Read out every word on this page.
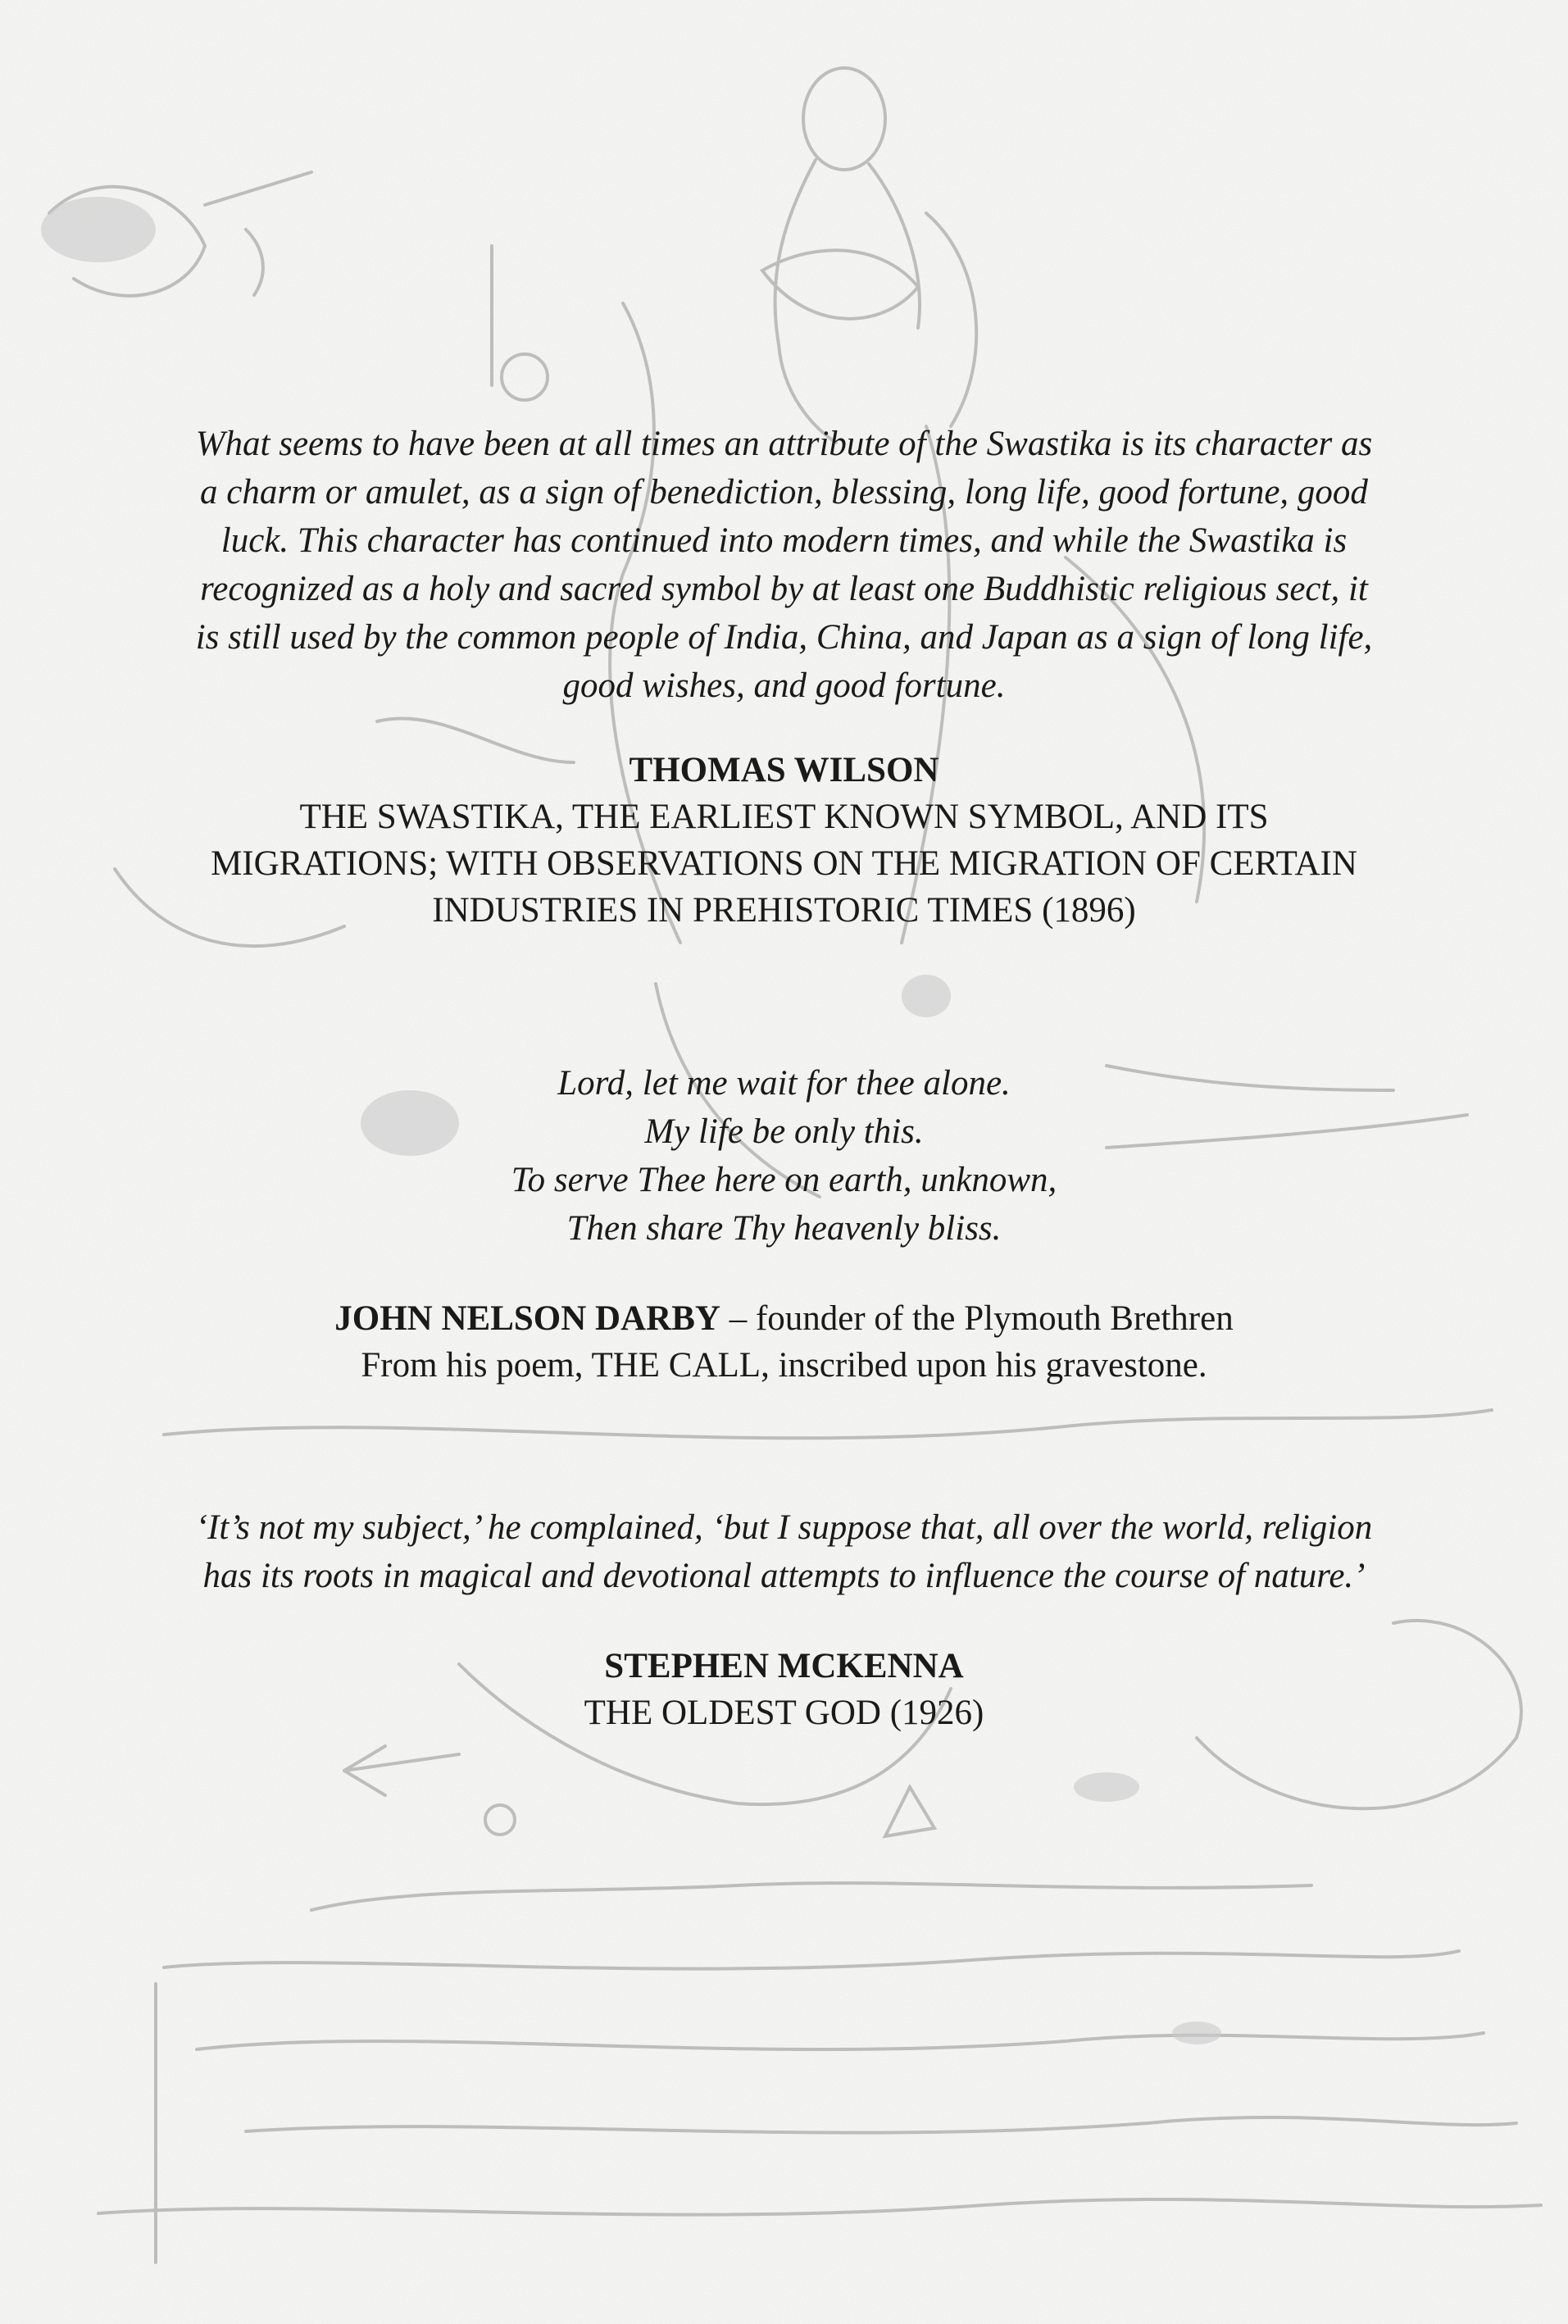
What seems to have been at all times an attribute of the Swastika is its character as
a charm or amulet, as a sign of benediction, blessing, long life, good fortune, good
luck. This character has continued into modern times, and while the Swastika is
recognized as a holy and sacred symbol by at least one Buddhistic religious sect, it
is still used by the common people of India, China, and Japan as a sign of long life,
good wishes, and good fortune.
THOMAS WILSON
THE SWASTIKA, THE EARLIEST KNOWN SYMBOL, AND ITS
MIGRATIONS; WITH OBSERVATIONS ON THE MIGRATION OF CERTAIN
INDUSTRIES IN PREHISTORIC TIMES (1896)
Lord, let me wait for thee alone.
My life be only this.
To serve Thee here on earth, unknown,
Then share Thy heavenly bliss.
JOHN NELSON DARBY – founder of the Plymouth Brethren
From his poem, THE CALL, inscribed upon his gravestone.
‘It’s not my subject,’ he complained, ‘but I suppose that, all over the world, religion
has its roots in magical and devotional attempts to influence the course of nature.’
STEPHEN MCKENNA
THE OLDEST GOD (1926)
